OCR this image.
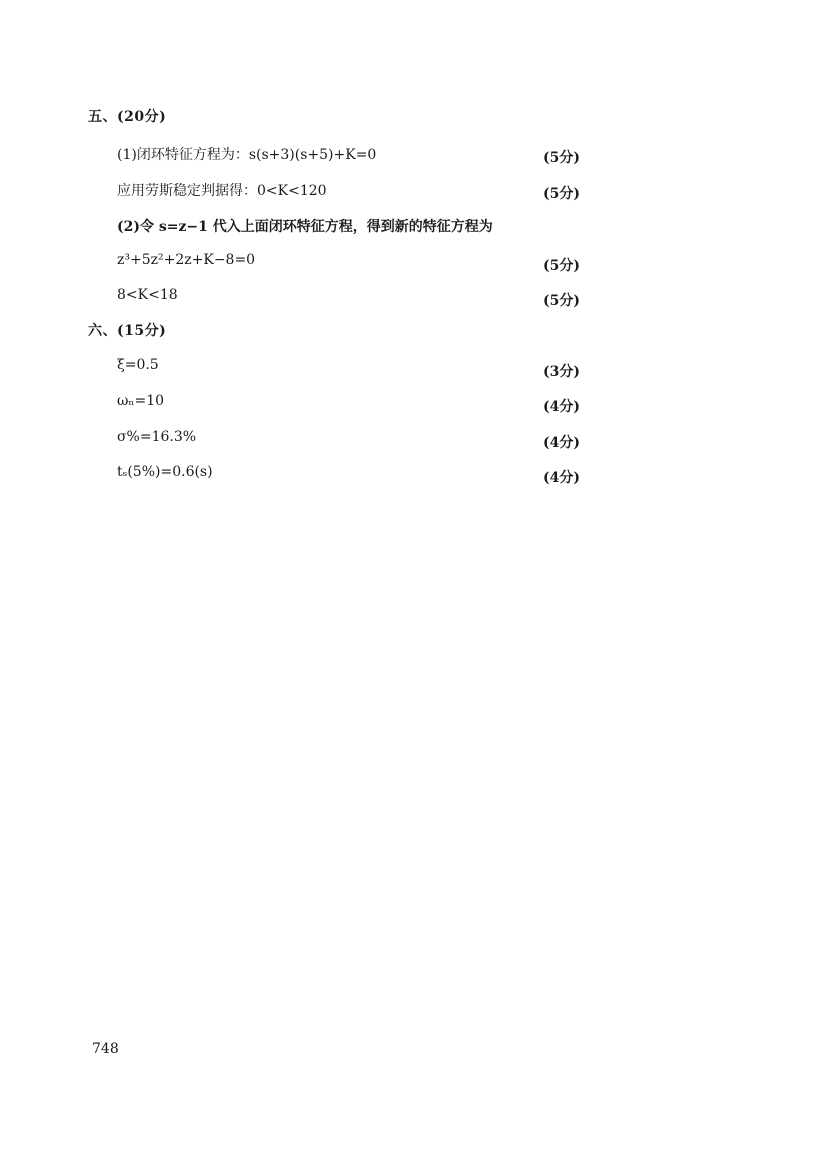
五、(20分)
(1)闭环特征方程为：s(s+3)(s+5)+K=0	(5分)
应用劳斯稳定判据得：0<K<120	(5分)
(2)令 s=z−1 代入上面闭环特征方程，得到新的特征方程为
z³+5z²+2z+K−8=0	(5分)
8<K<18	(5分)
六、(15分)
ξ=0.5	(3分)
ωₙ=10	(4分)
σ%=16.3%	(4分)
tₛ(5%)=0.6(s)	(4分)
748
